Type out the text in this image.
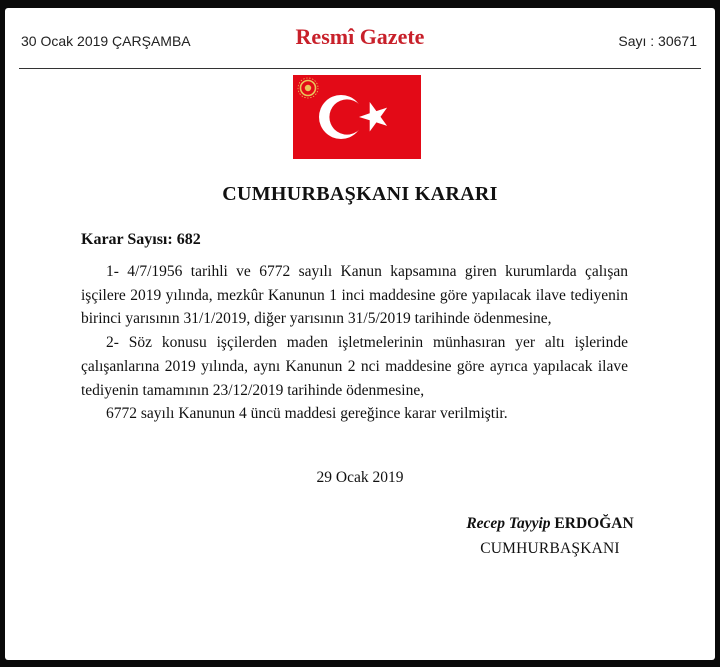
30 Ocak 2019 ÇARŞAMBA	Resmî Gazete	Sayı : 30671
CUMHURBAŞKANI KARARI
Karar Sayısı: 682

1- 4/7/1956 tarihli ve 6772 sayılı Kanun kapsamına giren kurumlarda çalışan işçilere 2019 yılında, mezkûr Kanunun 1 inci maddesine göre yapılacak ilave tediyenin birinci yarısının 31/1/2019, diğer yarısının 31/5/2019 tarihinde ödenmesine,

2- Söz konusu işçilerden maden işletmelerinin münhasıran yer altı işlerinde çalışanlarına 2019 yılında, aynı Kanunun 2 nci maddesine göre ayrıca yapılacak ilave tediyenin tamamının 23/12/2019 tarihinde ödenmesine,

6772 sayılı Kanunun 4 üncü maddesi gereğince karar verilmiştir.

29 Ocak 2019
Recep Tayyip ERDOĞAN
CUMHURBAŞKANI
